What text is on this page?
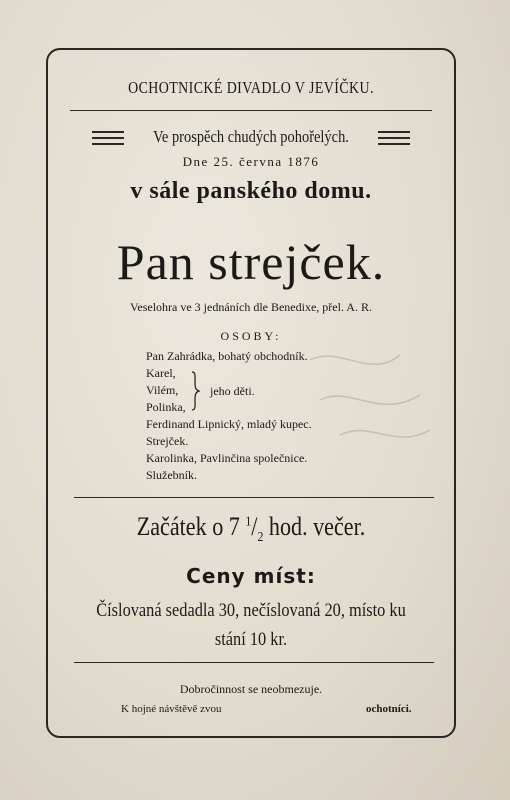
OCHOTNICKÉ DIVADLO V JEVÍČKU.
Ve prospěch chudých pohořelých.
Dne 25. června 1876
v sále panského domu.
Pan strejček.
Veselohra ve 3 jednáních dle Benedixe, přel. A. R.
OSOBY:
Pan Zahrádka, bohatý obchodník.
Karel,
Vilém,
Polinka,
jeho děti.
Ferdinand Lipnický, mladý kupec.
Strejček.
Karolinka, Pavlinčina společnice.
Služebník.
Začátek o 7 $^1/_2$ hod. večer.
Ceny míst:
Číslovaná sedadla 30, nečíslovaná 20, místo ku
stání 10 kr.
Dobročinnost se neobmezuje.
K hojné návštěvě zvou	ochotníci.
